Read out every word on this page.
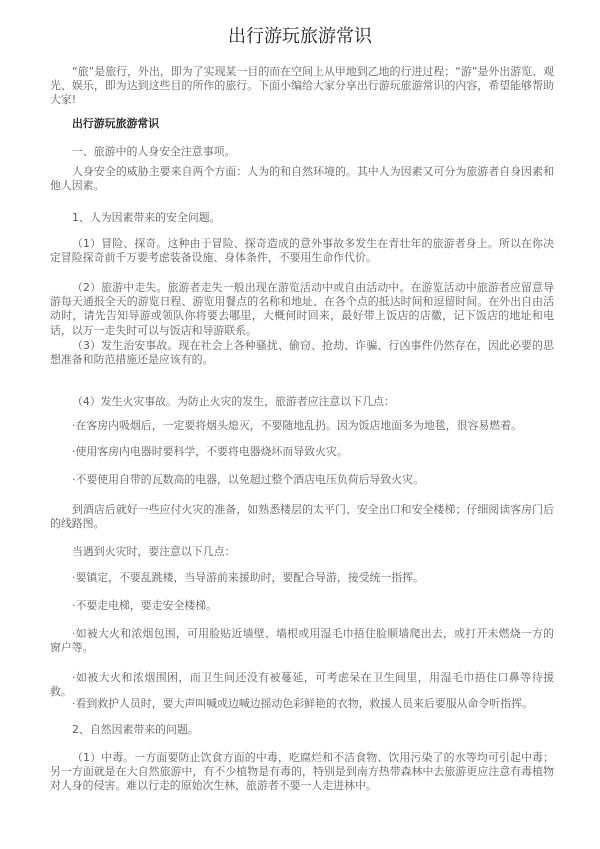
出行游玩旅游常识

“旅”是旅行，外出，即为了实现某一目的而在空间上从甲地到乙地的行进过程；“游”是外出游览、观光、娱乐，即为达到这些目的所作的旅行。下面小编给大家分享出行游玩旅游常识的内容，希望能够帮助大家!

出行游玩旅游常识

一、旅游中的人身安全注意事项。

人身安全的威胁主要来自两个方面：人为的和自然环境的。其中人为因素又可分为旅游者自身因素和他人因素。

1、人为因素带来的安全问题。

（1）冒险、探奇。这种由于冒险、探奇造成的意外事故多发生在青壮年的旅游者身上。所以在你决定冒险探奇前千万要考虑装备设施、身体条件，不要用生命作代价。

（2）旅游中走失。旅游者走失一般出现在游览活动中或自由活动中。在游览活动中旅游者应留意导游每天通报全天的游览日程、游览用餐点的名称和地址、在各个点的抵达时间和逗留时间。在外出自由活动时，请先告知导游或领队你将要去哪里，大概何时回来，最好带上饭店的店徽，记下饭店的地址和电话，以万一走失时可以与饭店和导游联系。

（3）发生治安事故。现在社会上各种骚扰、偷窃、抢劫、诈骗、行凶事件仍然存在，因此必要的思想准备和防范措施还是应该有的。

（4）发生火灾事故。为防止火灾的发生，旅游者应注意以下几点：

·在客房内吸烟后，一定要将烟头熄灭，不要随地乱扔。因为饭店地面多为地毯，很容易燃着。

·使用客房内电器时要科学，不要将电器烧坏而导致火灾。

·不要使用自带的瓦数高的电器，以免超过整个酒店电压负荷后导致火灾。

到酒店后就好一些应付火灾的准备，如熟悉楼层的太平门、安全出口和安全楼梯；仔细阅读客房门后的线路图。

当遇到火灾时，要注意以下几点：

·要镇定，不要乱跳楼，当导游前来援助时，要配合导游，接受统一指挥。

·不要走电梯，要走安全楼梯。

·如被大火和浓烟包围，可用脸贴近墙壁、墙根或用湿毛巾捂住脸顺墙爬出去，或打开未燃烧一方的窗户等。

·如被大火和浓烟围困，而卫生间还没有被蔓延，可考虑呆在卫生间里，用湿毛巾捂住口鼻等待援救。

·看到救护人员时，要大声叫喊或边喊边摇动色彩鲜艳的衣物，救援人员来后要服从命令听指挥。

2、自然因素带来的问题。

（1）中毒。一方面要防止饮食方面的中毒，吃腐烂和不洁食物、饮用污染了的水等均可引起中毒；另一方面就是在大自然旅游中，有不少植物是有毒的，特别是到南方热带森林中去旅游更应注意有毒植物对人身的侵害。难以行走的原始次生林，旅游者不要一人走进林中。
